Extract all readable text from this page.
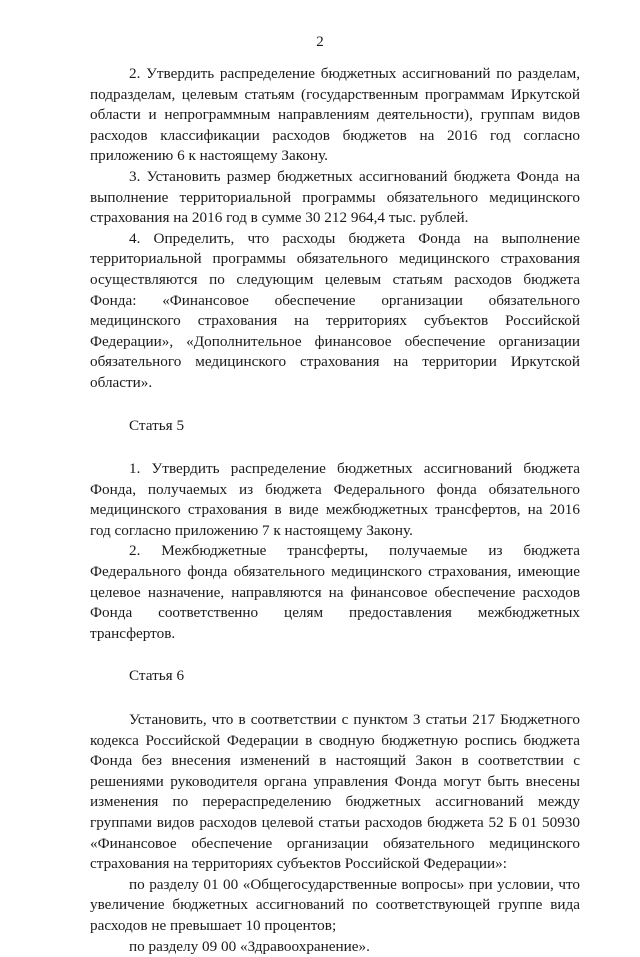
2

2. Утвердить распределение бюджетных ассигнований по разделам, подразделам, целевым статьям (государственным программам Иркутской области и непрограммным направлениям деятельности), группам видов расходов классификации расходов бюджетов на 2016 год согласно приложению 6 к настоящему Закону.

3. Установить размер бюджетных ассигнований бюджета Фонда на выполнение территориальной программы обязательного медицинского страхования на 2016 год в сумме 30 212 964,4 тыс. рублей.

4. Определить, что расходы бюджета Фонда на выполнение территориальной программы обязательного медицинского страхования осуществляются по следующим целевым статьям расходов бюджета Фонда: «Финансовое обеспечение организации обязательного медицинского страхования на территориях субъектов Российской Федерации», «Дополнительное финансовое обеспечение организации обязательного медицинского страхования на территории Иркутской области».

Статья 5

1. Утвердить распределение бюджетных ассигнований бюджета Фонда, получаемых из бюджета Федерального фонда обязательного медицинского страхования в виде межбюджетных трансфертов, на 2016 год согласно приложению 7 к настоящему Закону.

2. Межбюджетные трансферты, получаемые из бюджета Федерального фонда обязательного медицинского страхования, имеющие целевое назначение, направляются на финансовое обеспечение расходов Фонда соответственно целям предоставления межбюджетных трансфертов.

Статья 6

Установить, что в соответствии с пунктом 3 статьи 217 Бюджетного кодекса Российской Федерации в сводную бюджетную роспись бюджета Фонда без внесения изменений в настоящий Закон в соответствии с решениями руководителя органа управления Фонда могут быть внесены изменения по перераспределению бюджетных ассигнований между группами видов расходов целевой статьи расходов бюджета 52 Б 01 50930 «Финансовое обеспечение организации обязательного медицинского страхования на территориях субъектов Российской Федерации»:

по разделу 01 00 «Общегосударственные вопросы» при условии, что увеличение бюджетных ассигнований по соответствующей группе вида расходов не превышает 10 процентов;

по разделу 09 00 «Здравоохранение».
